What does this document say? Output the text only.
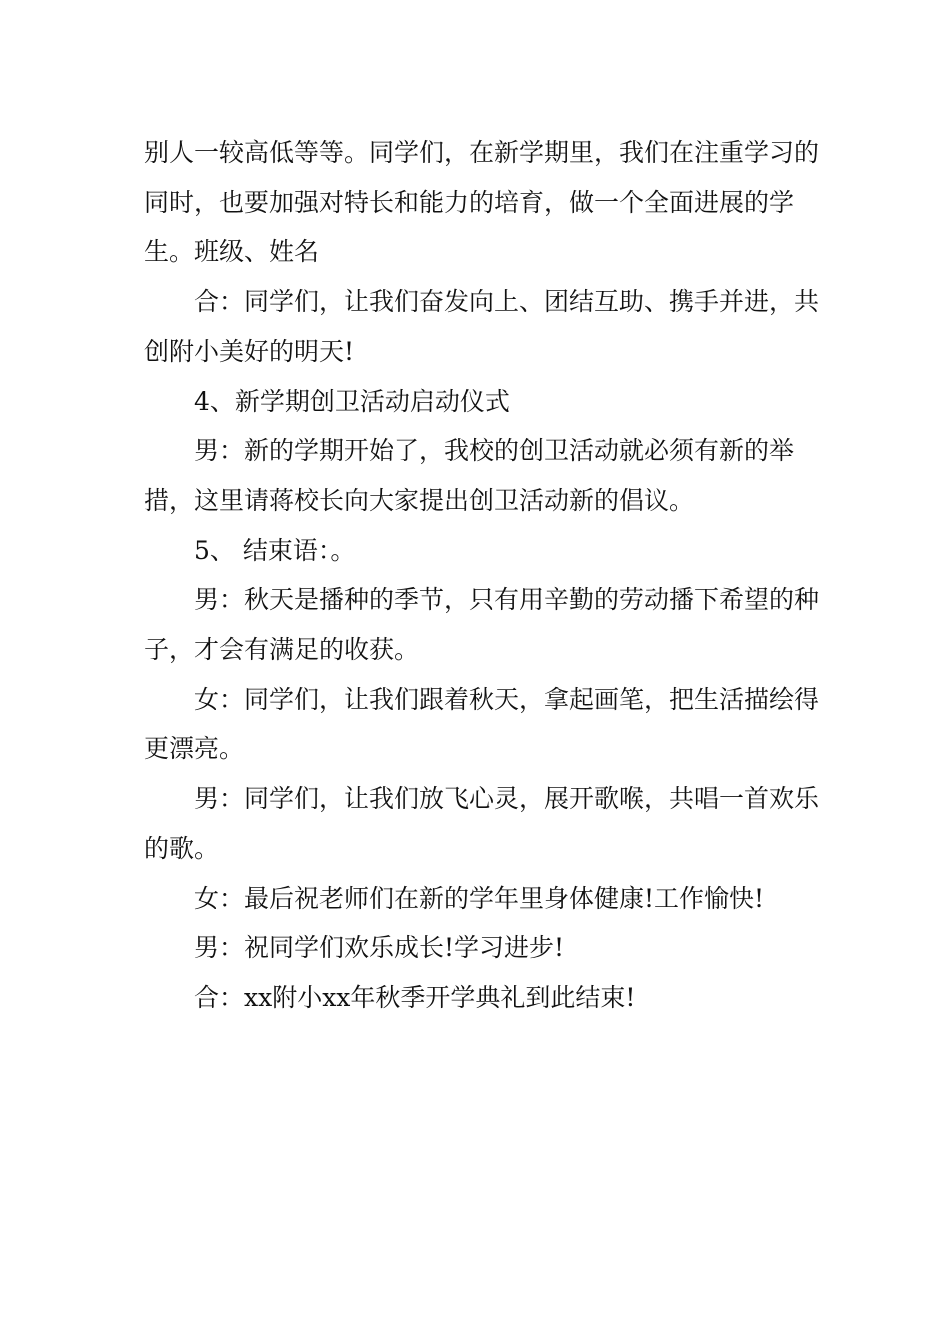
别人一较高低等等。同学们，在新学期里，我们在注重学习的同时，也要加强对特长和能力的培育，做一个全面进展的学生。班级、姓名

合：同学们，让我们奋发向上、团结互助、携手并进，共创附小美好的明天!

4、新学期创卫活动启动仪式

男：新的学期开始了，我校的创卫活动就必须有新的举措，这里请蒋校长向大家提出创卫活动新的倡议。

5、 结束语：。

男：秋天是播种的季节，只有用辛勤的劳动播下希望的种子，才会有满足的收获。

女：同学们，让我们跟着秋天，拿起画笔，把生活描绘得更漂亮。

男：同学们，让我们放飞心灵，展开歌喉，共唱一首欢乐的歌。

女：最后祝老师们在新的学年里身体健康!工作愉快!

男：祝同学们欢乐成长!学习进步!

合：xx附小xx年秋季开学典礼到此结束!
